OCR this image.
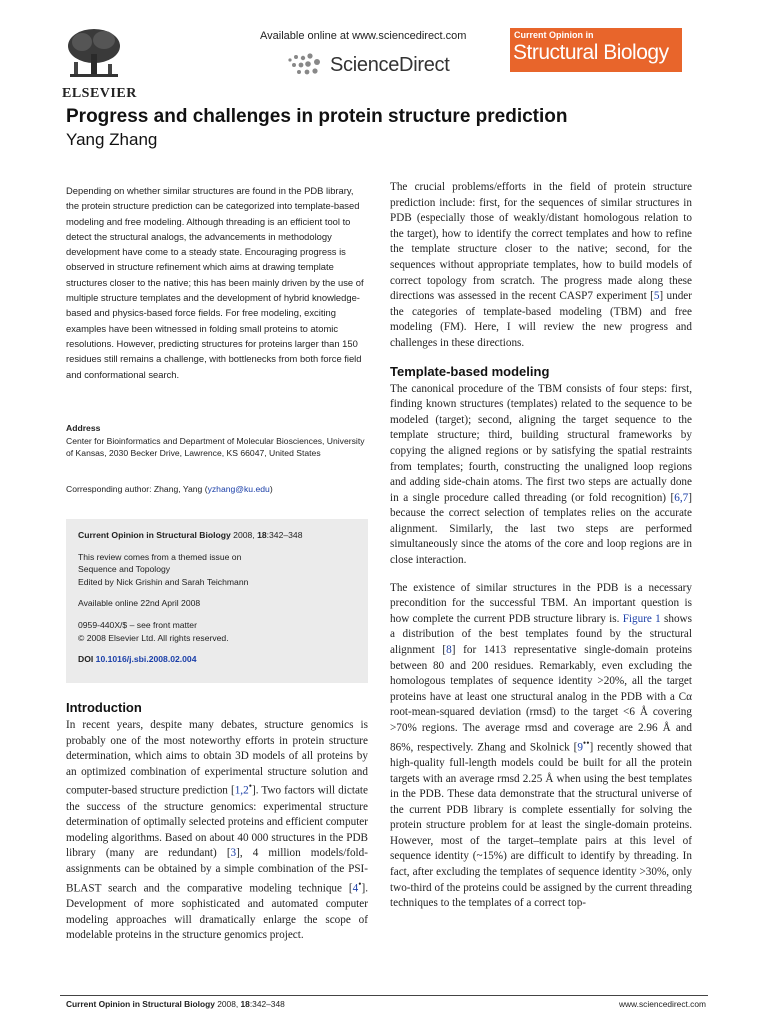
ELSEVIER
Available online at www.sciencedirect.com
ScienceDirect
Current Opinion in
Structural Biology
Progress and challenges in protein structure prediction
Yang Zhang
Depending on whether similar structures are found in the PDB library, the protein structure prediction can be categorized into template-based modeling and free modeling. Although threading is an efficient tool to detect the structural analogs, the advancements in methodology development have come to a steady state. Encouraging progress is observed in structure refinement which aims at drawing template structures closer to the native; this has been mainly driven by the use of multiple structure templates and the development of hybrid knowledge-based and physics-based force fields. For free modeling, exciting examples have been witnessed in folding small proteins to atomic resolutions. However, predicting structures for proteins larger than 150 residues still remains a challenge, with bottlenecks from both force field and conformational search.
Address
Center for Bioinformatics and Department of Molecular Biosciences, University of Kansas, 2030 Becker Drive, Lawrence, KS 66047, United States
Corresponding author: Zhang, Yang (yzhang@ku.edu)
Current Opinion in Structural Biology 2008, 18:342–348
This review comes from a themed issue on
Sequence and Topology
Edited by Nick Grishin and Sarah Teichmann
Available online 22nd April 2008
0959-440X/$ – see front matter
© 2008 Elsevier Ltd. All rights reserved.
DOI 10.1016/j.sbi.2008.02.004
Introduction

In recent years, despite many debates, structure genomics is probably one of the most noteworthy efforts in protein structure determination, which aims to obtain 3D models of all proteins by an optimized combination of experimental structure solution and computer-based structure prediction [1,2•]. Two factors will dictate the success of the structure genomics: experimental structure determination of optimally selected proteins and efficient computer modeling algorithms. Based on about 40 000 structures in the PDB library (many are redundant) [3], 4 million models/fold-assignments can be obtained by a simple combination of the PSI-BLAST search and the comparative modeling technique [4•]. Development of more sophisticated and automated computer modeling approaches will dramatically enlarge the scope of modelable proteins in the structure genomics project.

The crucial problems/efforts in the field of protein structure prediction include: first, for the sequences of similar structures in PDB (especially those of weakly/distant homologous relation to the target), how to identify the correct templates and how to refine the template structure closer to the native; second, for the sequences without appropriate templates, how to build models of correct topology from scratch. The progress made along these directions was assessed in the recent CASP7 experiment [5] under the categories of template-based modeling (TBM) and free modeling (FM). Here, I will review the new progress and challenges in these directions.

Template-based modeling

The canonical procedure of the TBM consists of four steps: first, finding known structures (templates) related to the sequence to be modeled (target); second, aligning the target sequence to the template structure; third, building structural frameworks by copying the aligned regions or by satisfying the spatial restraints from templates; fourth, constructing the unaligned loop regions and adding side-chain atoms. The first two steps are actually done in a single procedure called threading (or fold recognition) [6,7] because the correct selection of templates relies on the accurate alignment. Similarly, the last two steps are performed simultaneously since the atoms of the core and loop regions are in close interaction.

The existence of similar structures in the PDB is a necessary precondition for the successful TBM. An important question is how complete the current PDB structure library is. Figure 1 shows a distribution of the best templates found by the structural alignment [8] for 1413 representative single-domain proteins between 80 and 200 residues. Remarkably, even excluding the homologous templates of sequence identity >20%, all the target proteins have at least one structural analog in the PDB with a Cα root-mean-squared deviation (rmsd) to the target <6 Å covering >70% regions. The average rmsd and coverage are 2.96 Å and 86%, respectively. Zhang and Skolnick [9••] recently showed that high-quality full-length models could be built for all the protein targets with an average rmsd 2.25 Å when using the best templates in the PDB. These data demonstrate that the structural universe of the current PDB library is complete essentially for solving the protein structure problem for at least the single-domain proteins. However, most of the target–template pairs at this level of sequence identity (~15%) are difficult to identify by threading. In fact, after excluding the templates of sequence identity >30%, only two-third of the proteins could be assigned by the current threading techniques to the templates of a correct top-

Current Opinion in Structural Biology 2008, 18:342–348	www.sciencedirect.com
